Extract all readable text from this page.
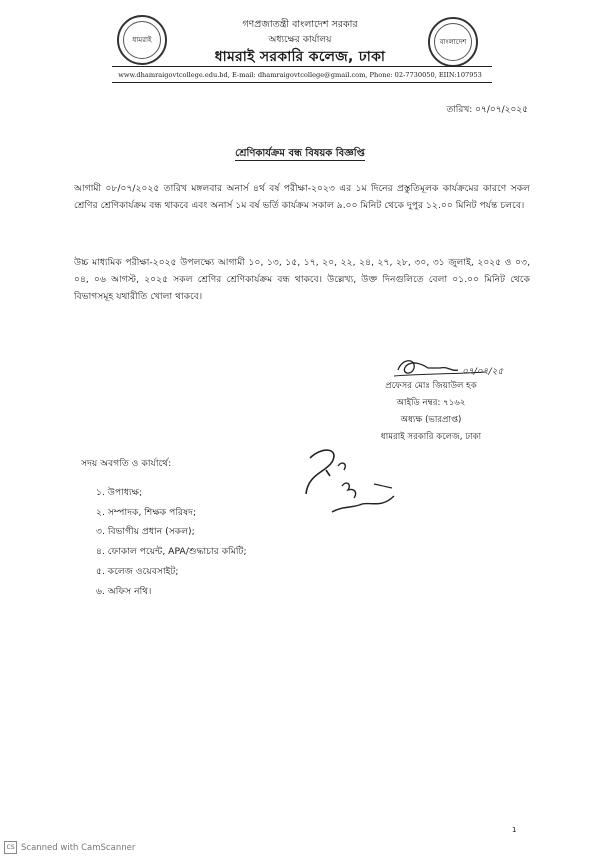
ধামরাই	বাংলাদেশ
গণপ্রজাতন্ত্রী বাংলাদেশ সরকার
অধ্যক্ষের কার্যালয়
ধামরাই সরকারি কলেজ, ঢাকা
www.dhamraigovtcollege.edu.bd, E-mail: dhamraigovtcollege@gmail.com, Phone: 02-7730050, EIIN:107953
তারিখ: ০৭/০৭/২০২৫
শ্রেণিকার্যক্রম বন্ধ বিষয়ক বিজ্ঞপ্তি
আগামী ০৮/০৭/২০২৫ তারিখ মঙ্গলবার অনার্স ৪র্থ বর্ষ পরীক্ষা-২০২৩ এর ১ম দিনের প্রস্তুতিমূলক কার্যক্রমের কারণে সকল শ্রেণির শ্রেণিকার্যক্রম বন্ধ থাকবে এবং অনার্স ১ম বর্ষ ভর্তি কার্যক্রম সকাল ৯.০০ মিনিট থেকে দুপুর ১২.০০ মিনিট পর্যন্ত চলবে।
উচ্চ মাধ্যমিক পরীক্ষা-২০২৫ উপলক্ষ্যে আগামী ১০, ১৩, ১৫, ১৭, ২০, ২২, ২৪, ২৭, ২৮, ৩০, ৩১ জুলাই, ২০২৫ ও ০৩, ০৪, ০৬ আগস্ট, ২০২৫ সকল শ্রেণির শ্রেণিকার্যক্রম বন্ধ থাকবে। উল্লেখ্য, উক্ত দিনগুলিতে বেলা ০১.০০ মিনিট থেকে বিভাগসমূহ যথারীতি খোলা থাকবে।
০৭/০৭/২৫
প্রফেসর মোঃ জিয়াউল হক
আইডি নম্বর: ৭১৬২
অধ্যক্ষ (ভারপ্রাপ্ত)
ধামরাই সরকারি কলেজ, ঢাকা
সদয় অবগতি ও কার্যার্থে:
১. উপাধ্যক্ষ;
২. সম্পাদক, শিক্ষক পরিষদ;
৩. বিভাগীয় প্রধান (সকল);
৪. ফোকাল পয়েন্ট, APA/শুদ্ধাচার কমিটি;
৫. কলেজ ওয়েবসাইট;
৬. অফিস নথি।
1
CS Scanned with CamScanner
